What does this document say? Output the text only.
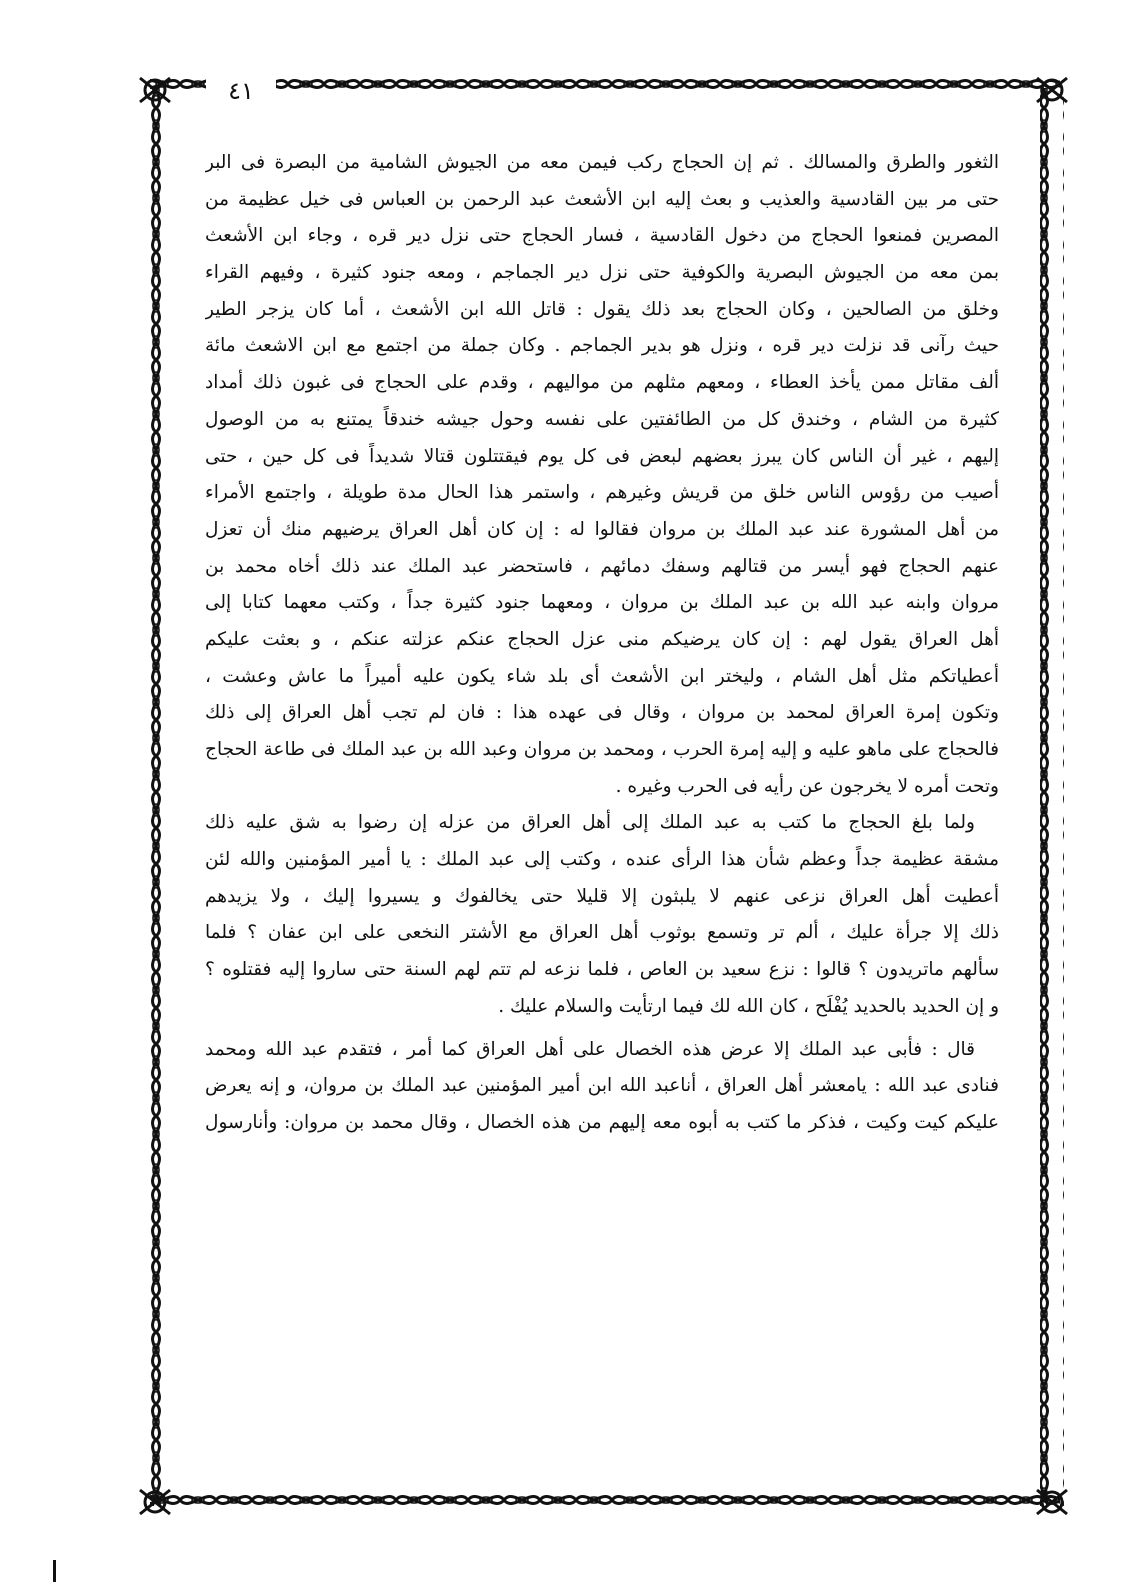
٤١
الثغور والطرق والمسالك . ثم إن الحجاج ركب فيمن معه من الجيوش الشامية من البصرة فى البر
حتى مر بين القادسية والعذيب و بعث إليه ابن الأشعث عبد الرحمن بن العباس فى خيل عظيمة من
المصرين فمنعوا الحجاج من دخول القادسية ، فسار الحجاج حتى نزل دير قره ، وجاء ابن الأشعث
بمن معه من الجيوش البصرية والكوفية حتى نزل دير الجماجم ، ومعه جنود كثيرة ، وفيهم القراء
وخلق من الصالحين ، وكان الحجاج بعد ذلك يقول : قاتل الله ابن الأشعث ، أما كان يزجر الطير
حيث رآنى قد نزلت دير قره ، ونزل هو بدير الجماجم . وكان جملة من اجتمع مع ابن الاشعث مائة
ألف مقاتل ممن يأخذ العطاء ، ومعهم مثلهم من مواليهم ، وقدم على الحجاج فى غبون ذلك أمداد
كثيرة من الشام ، وخندق كل من الطائفتين على نفسه وحول جيشه خندقاً يمتنع به من الوصول
إليهم ، غير أن الناس كان يبرز بعضهم لبعض فى كل يوم فيقتتلون قتالا شديداً فى كل حين ، حتى
أصيب من رؤوس الناس خلق من قريش وغيرهم ، واستمر هذا الحال مدة طويلة ، واجتمع الأمراء
من أهل المشورة عند عبد الملك بن مروان فقالوا له : إن كان أهل العراق يرضيهم منك أن تعزل
عنهم الحجاج فهو أيسر من قتالهم وسفك دمائهم ، فاستحضر عبد الملك عند ذلك أخاه محمد بن
مروان وابنه عبد الله بن عبد الملك بن مروان ، ومعهما جنود كثيرة جداً ، وكتب معهما كتابا إلى
أهل العراق يقول لهم : إن كان يرضيكم منى عزل الحجاج عنكم عزلته عنكم ، و بعثت عليكم
أعطياتكم مثل أهل الشام ، وليختر ابن الأشعث أى بلد شاء يكون عليه أميراً ما عاش وعشت ،
وتكون إمرة العراق لمحمد بن مروان ، وقال فى عهده هذا : فان لم تجب أهل العراق إلى ذلك
فالحجاج على ماهو عليه و إليه إمرة الحرب ، ومحمد بن مروان وعبد الله بن عبد الملك فى طاعة الحجاج
وتحت أمره لا يخرجون عن رأيه فى الحرب وغيره .
ولما بلغ الحجاج ما كتب به عبد الملك إلى أهل العراق من عزله إن رضوا به شق عليه ذلك
مشقة عظيمة جداً وعظم شأن هذا الرأى عنده ، وكتب إلى عبد الملك : يا أمير المؤمنين والله لئن
أعطيت أهل العراق نزعى عنهم لا يلبثون إلا قليلا حتى يخالفوك و يسيروا إليك ، ولا يزيدهم
ذلك إلا جرأة عليك ، ألم تر وتسمع بوثوب أهل العراق مع الأشتر النخعى على ابن عفان ؟ فلما
سألهم ماتريدون ؟ قالوا : نزع سعيد بن العاص ، فلما نزعه لم تتم لهم السنة حتى ساروا إليه فقتلوه ؟
و إن الحديد بالحديد يُفْلَح ، كان الله لك فيما ارتأيت والسلام عليك .
قال : فأبى عبد الملك إلا عرض هذه الخصال على أهل العراق كما أمر ، فتقدم عبد الله ومحمد
فنادى عبد الله : يامعشر أهل العراق ، أناعبد الله ابن أمير المؤمنين عبد الملك بن مروان، و إنه يعرض
عليكم كيت وكيت ، فذكر ما كتب به أبوه معه إليهم من هذه الخصال ، وقال محمد بن مروان: وأنارسول
